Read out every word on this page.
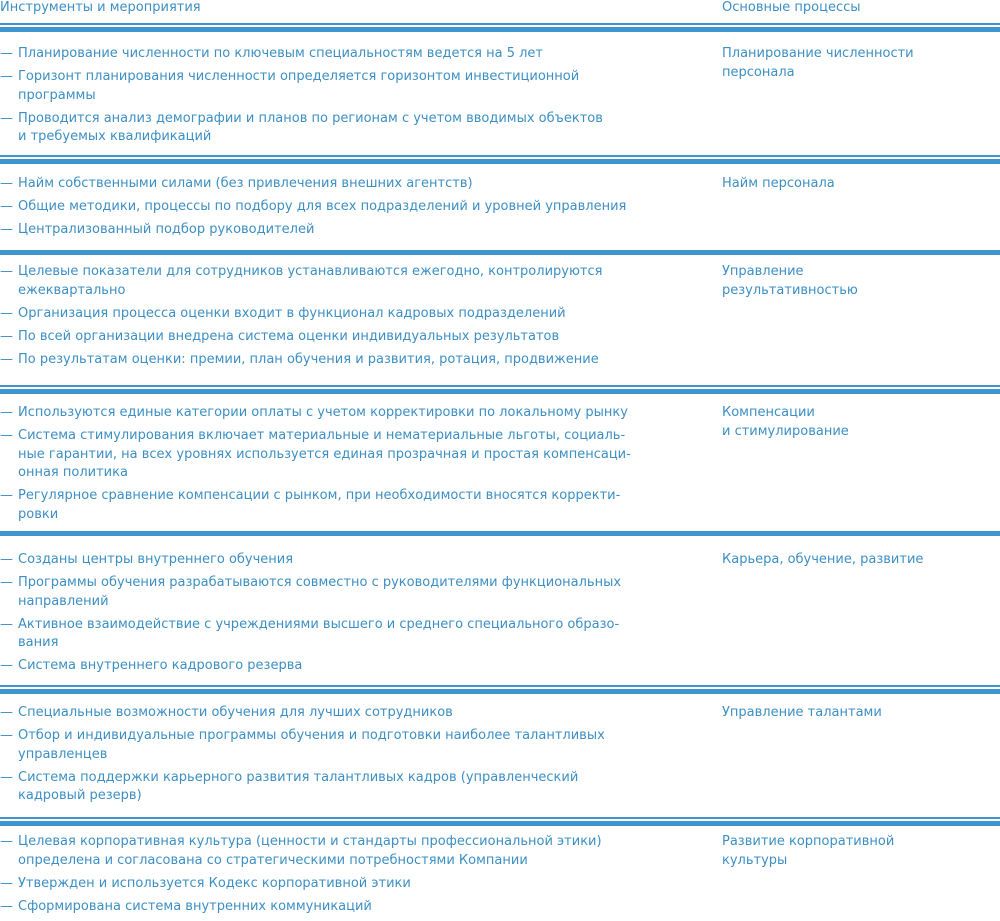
Инструменты и мероприятия	Основные процессы
— Планирование численности по ключевым специальностям ведется на 5 лет
— Горизонт планирования численности определяется горизонтом инвестиционной
программы
— Проводится анализ демографии и планов по регионам с учетом вводимых объектов
и требуемых квалификаций
Планирование численности
персонала
— Найм собственными силами (без привлечения внешних агентств)
— Общие методики, процессы по подбору для всех подразделений и уровней управления
— Централизованный подбор руководителей
Найм персонала
— Целевые показатели для сотрудников устанавливаются ежегодно, контролируются
ежеквартально
— Организация процесса оценки входит в функционал кадровых подразделений
— По всей организации внедрена система оценки индивидуальных результатов
— По результатам оценки: премии, план обучения и развития, ротация, продвижение
Управление
результативностью
— Используются единые категории оплаты с учетом корректировки по локальному рынку
— Система стимулирования включает материальные и нематериальные льготы, социаль-
ные гарантии, на всех уровнях используется единая прозрачная и простая компенсаци-
онная политика
— Регулярное сравнение компенсации с рынком, при необходимости вносятся корректи-
ровки
Компенсации
и стимулирование
— Созданы центры внутреннего обучения
— Программы обучения разрабатываются совместно с руководителями функциональных
направлений
— Активное взаимодействие с учреждениями высшего и среднего специального образо-
вания
— Система внутреннего кадрового резерва
Карьера, обучение, развитие
— Специальные возможности обучения для лучших сотрудников
— Отбор и индивидуальные программы обучения и подготовки наиболее талантливых
управленцев
— Система поддержки карьерного развития талантливых кадров (управленческий
кадровый резерв)
Управление талантами
— Целевая корпоративная культура (ценности и стандарты профессиональной этики)
определена и согласована со стратегическими потребностями Компании
— Утвержден и используется Кодекс корпоративной этики
— Сформирована система внутренних коммуникаций
Развитие корпоративной
культуры
